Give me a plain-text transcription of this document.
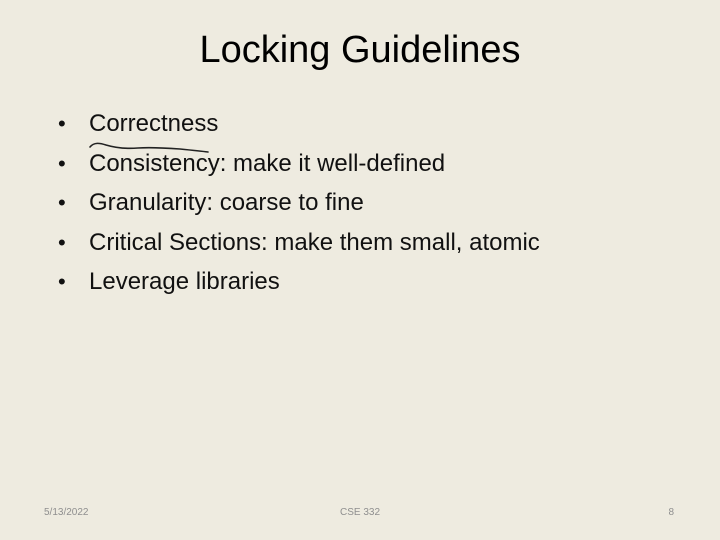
Locking Guidelines
• Correctness
• Consistency: make it well-defined
• Granularity: coarse to fine
• Critical Sections: make them small, atomic
• Leverage libraries
5/13/2022	CSE 332	8
